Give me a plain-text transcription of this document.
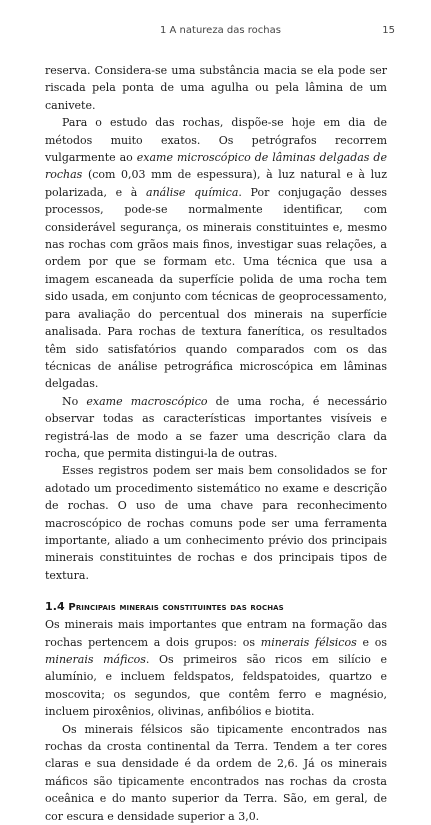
1 A natureza das rochas	15

reserva. Considera-se uma substância macia se ela pode ser riscada pela ponta de uma agulha ou pela lâmina de um canivete.

Para o estudo das rochas, dispõe-se hoje em dia de métodos muito exatos. Os petrógrafos recorrem vulgarmente ao exame microscópico de lâminas delgadas de rochas (com 0,03 mm de espessura), à luz natural e à luz polarizada, e à análise química. Por conjugação desses processos, pode-se normalmente identificar, com considerável segurança, os minerais constituintes e, mesmo nas rochas com grãos mais finos, investigar suas relações, a ordem por que se formam etc. Uma técnica que usa a imagem escaneada da superfície polida de uma rocha tem sido usada, em conjunto com técnicas de geoprocessamento, para avaliação do percentual dos minerais na superfície analisada. Para rochas de textura fanerítica, os resultados têm sido satisfatórios quando comparados com os das técnicas de análise petrográfica microscópica em lâminas delgadas.

No exame macroscópico de uma rocha, é necessário observar todas as características importantes visíveis e registrá-las de modo a se fazer uma descrição clara da rocha, que permita distingui-la de outras.

Esses registros podem ser mais bem consolidados se for adotado um procedimento sistemático no exame e descrição de rochas. O uso de uma chave para reconhecimento macroscópico de rochas comuns pode ser uma ferramenta importante, aliado a um conhecimento prévio dos principais minerais constituintes de rochas e dos principais tipos de textura.

1.4 Principais minerais constituintes das rochas

Os minerais mais importantes que entram na formação das rochas pertencem a dois grupos: os minerais félsicos e os minerais máficos. Os primeiros são ricos em silício e alumínio, e incluem feldspatos, feldspatoides, quartzo e moscovita; os segundos, que contêm ferro e magnésio, incluem piroxênios, olivinas, anfibólios e biotita.

Os minerais félsicos são tipicamente encontrados nas rochas da crosta continental da Terra. Tendem a ter cores claras e sua densidade é da ordem de 2,6. Já os minerais máficos são tipicamente encontrados nas rochas da crosta oceânica e do manto superior da Terra. São, em geral, de cor escura e densidade superior a 3,0.
